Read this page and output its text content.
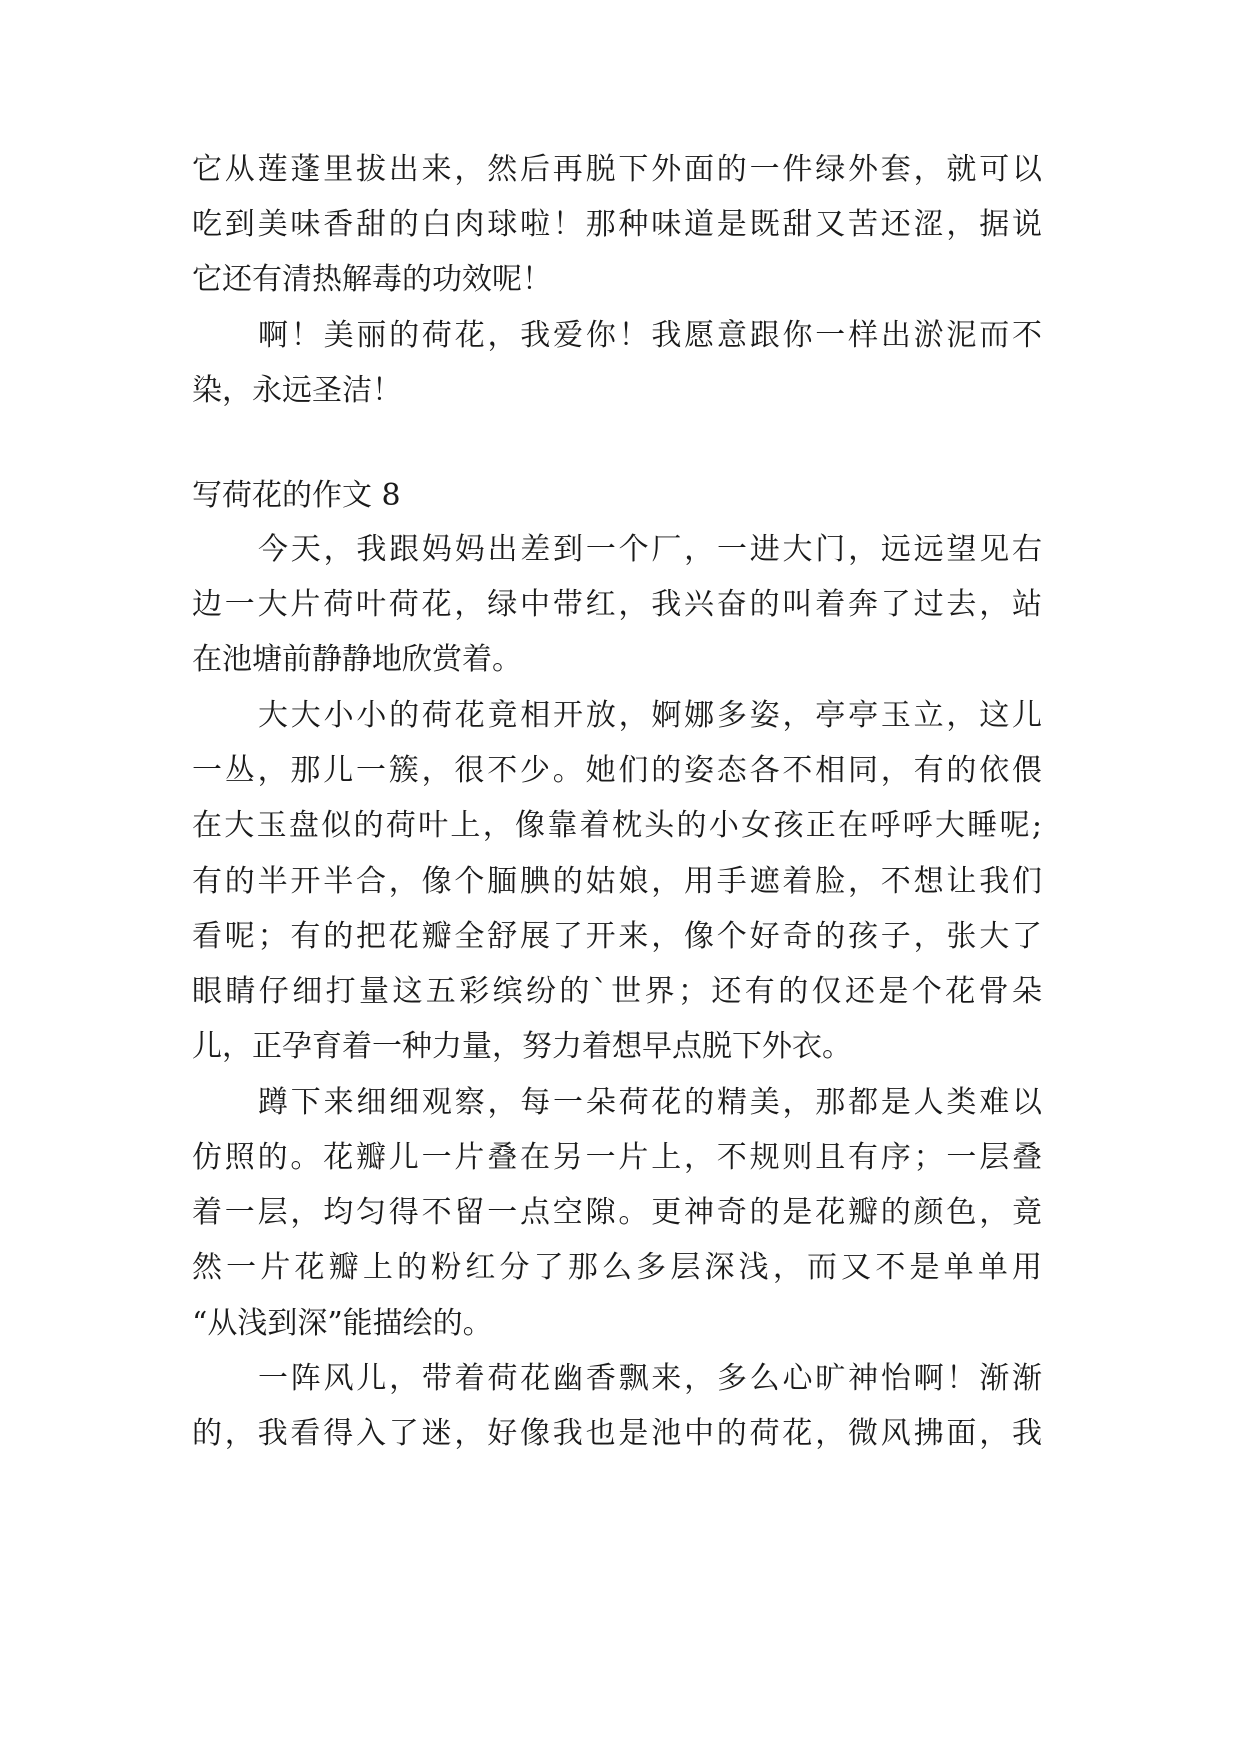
它从莲蓬里拔出来，然后再脱下外面的一件绿外套，就可以
吃到美味香甜的白肉球啦！那种味道是既甜又苦还涩，据说
它还有清热解毒的功效呢！
啊！美丽的荷花，我爱你！我愿意跟你一样出淤泥而不
染，永远圣洁！
写荷花的作文 8
今天，我跟妈妈出差到一个厂，一进大门，远远望见右
边一大片荷叶荷花，绿中带红，我兴奋的叫着奔了过去，站
在池塘前静静地欣赏着。
大大小小的荷花竟相开放，婀娜多姿，亭亭玉立，这儿
一丛，那儿一簇，很不少。她们的姿态各不相同，有的依偎
在大玉盘似的荷叶上，像靠着枕头的小女孩正在呼呼大睡呢;
有的半开半合，像个腼腆的姑娘，用手遮着脸，不想让我们
看呢；有的把花瓣全舒展了开来，像个好奇的孩子，张大了
眼睛仔细打量这五彩缤纷的`世界；还有的仅还是个花骨朵
儿，正孕育着一种力量，努力着想早点脱下外衣。
蹲下来细细观察，每一朵荷花的精美，那都是人类难以
仿照的。花瓣儿一片叠在另一片上，不规则且有序；一层叠
着一层，均匀得不留一点空隙。更神奇的是花瓣的颜色，竟
然一片花瓣上的粉红分了那么多层深浅，而又不是单单用
“从浅到深”能描绘的。
一阵风儿，带着荷花幽香飘来，多么心旷神怡啊！渐渐
的，我看得入了迷，好像我也是池中的荷花，微风拂面，我
